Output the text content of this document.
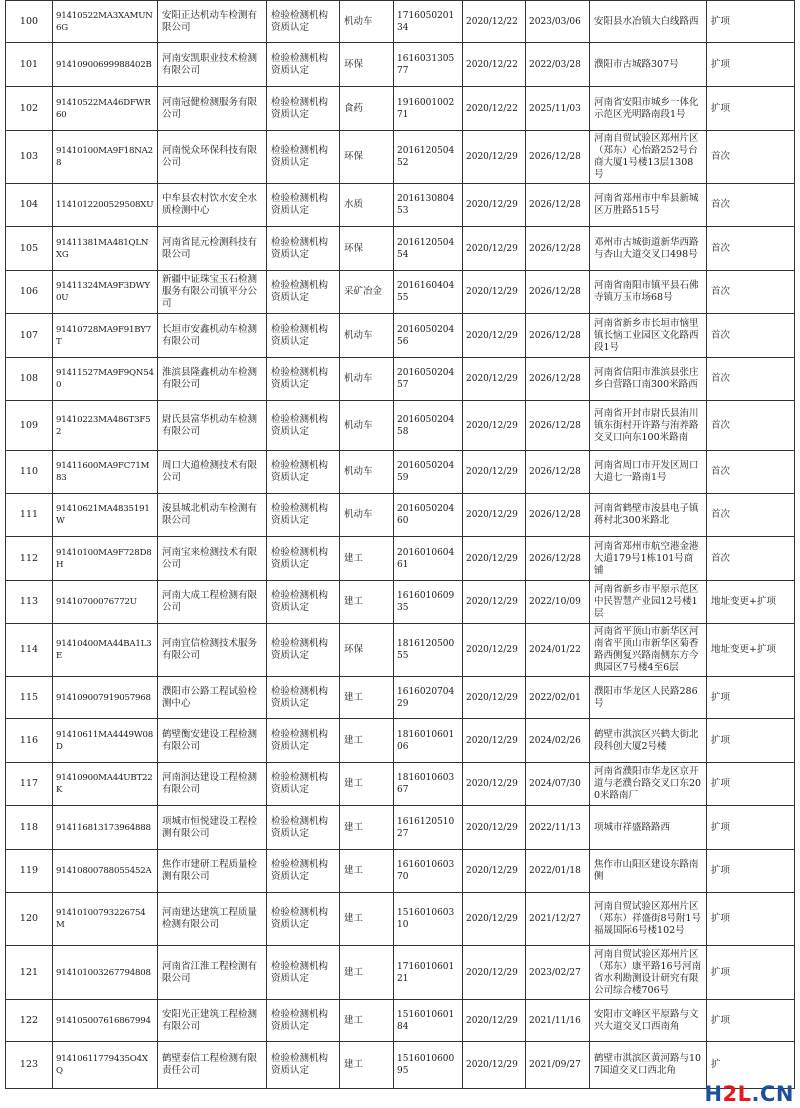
100	91410522MA3XAMUN6G	安阳正达机动车检测有限公司	检验检测机构资质认定	机动车	171605020134	2020/12/22	2023/03/06	安阳县水冶镇大白线路西	扩项
101	91410900699988402B	河南安凯职业技术检测有限公司	检验检测机构资质认定	环保	161603130577	2020/12/22	2022/03/28	濮阳市古城路307号	扩项
102	91410522MA46DFWR60	河南冠健检测服务有限公司	检验检测机构资质认定	食药	191600100271	2020/12/22	2025/11/03	河南省安阳市城乡一体化示范区光明路南段1号	扩项
103	91410100MA9F18NA28	河南悦众环保科技有限公司	检验检测机构资质认定	环保	201612050452	2020/12/29	2026/12/28	河南自贸试验区郑州片区（郑东）心怡路252号台商大厦1号楼13层1308号	首次
104	1141012200529508XU	中牟县农村饮水安全水质检测中心	检验检测机构资质认定	水质	201613080453	2020/12/29	2026/12/28	河南省郑州市中牟县新城区万胜路515号	首次
105	91411381MA481QLNXG	河南省昆元检测科技有限公司	检验检测机构资质认定	环保	201612050454	2020/12/29	2026/12/28	邓州市古城街道新华西路与杏山大道交叉口498号	首次
106	91411324MA9F3DWY0U	新疆中证珠宝玉石检测服务有限公司镇平分公司	检验检测机构资质认定	采矿冶金	201616040455	2020/12/29	2026/12/28	河南省南阳市镇平县石佛寺镇万玉市场68号	首次
107	91410728MA9F91BY7T	长垣市安鑫机动车检测有限公司	检验检测机构资质认定	机动车	201605020456	2020/12/29	2026/12/28	河南省新乡市长垣市恼里镇长恼工业园区文化路西段1号	首次
108	91411527MA9F9QN540	淮滨县隆鑫机动车检测有限公司	检验检测机构资质认定	机动车	201605020457	2020/12/29	2026/12/28	河南省信阳市淮滨县张庄乡白营路口南300米路西	首次
109	91410223MA486T3F52	尉氏县富华机动车检测有限公司	检验检测机构资质认定	机动车	201605020458	2020/12/29	2026/12/28	河南省开封市尉氏县洧川镇东街村开许路与洧养路交叉口向东100米路南	首次
110	91411600MA9FC71M83	周口大道检测技术有限公司	检验检测机构资质认定	机动车	201605020459	2020/12/29	2026/12/28	河南省周口市开发区周口大道七一路南1号	首次
111	91410621MA4835191W	浚县城北机动车检测有限公司	检验检测机构资质认定	机动车	201605020460	2020/12/29	2026/12/28	河南省鹤壁市浚县电子镇蒋村北300米路北	首次
112	91410100MA9F728D8H	河南宝来检测技术有限公司	检验检测机构资质认定	建工	201601060461	2020/12/29	2026/12/28	河南省郑州市航空港金港大道179号1栋101号商铺	首次
113	91410700076772U	河南大成工程检测有限公司	检验检测机构资质认定	建工	161601060935	2020/12/29	2022/10/09	河南省新乡市平原示范区中民智慧产业园12号楼1层	地址变更+扩项
114	91410400MA44BA1L3E	河南宜信检测技术服务有限公司	检验检测机构资质认定	环保	181612050055	2020/12/29	2024/01/22	河南省平顶山市新华区河南省平顶山市新华区菊香路西侧复兴路南侧东方今典园区7号楼4至6层	地址变更+扩项
115	914109007919057968	濮阳市公路工程试验检测中心	检验检测机构资质认定	建工	161602070429	2020/12/29	2022/02/01	濮阳市华龙区人民路286号	扩项
116	91410611MA4449W08D	鹤壁衡安建设工程检测有限公司	检验检测机构资质认定	建工	181601060106	2020/12/29	2024/02/26	鹤壁市淇滨区兴鹤大街北段科创大厦2号楼	扩项
117	91410900MA44UBT22K	河南润达建设工程检测有限公司	检验检测机构资质认定	建工	181601060367	2020/12/29	2024/07/30	河南省濮阳市华龙区京开道与老濮台路交叉口东200米路南厂	扩项
118	914116813173964888	项城市恒悦建设工程检测有限公司	检验检测机构资质认定	建工	161612051027	2020/12/29	2022/11/13	项城市祥盛路路西	扩项
119	91410800788055452A	焦作市建研工程质量检测有限公司	检验检测机构资质认定	建工	161601060370	2020/12/29	2022/01/18	焦作市山阳区建设东路南侧	扩项
120	91410100793226754M	河南建达建筑工程质量检测有限公司	检验检测机构资质认定	建工	151601060310	2020/12/29	2021/12/27	河南自贸试验区郑州片区（郑东）祥盛街8号附1号福晟国际6号楼102号	扩项
121	914101003267794808	河南省江淮工程检测有限公司	检验检测机构资质认定	建工	171601060121	2020/12/29	2023/02/27	河南自贸试验区郑州片区（郑东）康平路16号河南省水利勘测设计研究有限公司综合楼706号	扩项
122	914105007616867994	安阳光正建筑工程检测有限公司	检验检测机构资质认定	建工	151601060184	2020/12/29	2021/11/16	安阳市文峰区平原路与文兴大道交叉口西南角	扩项
123	91410611779435O4XQ	鹤壁泰信工程检测有限责任公司	检验检测机构资质认定	建工	151601060095	2020/12/29	2021/09/27	鹤壁市淇滨区黄河路与107国道交叉口西北角	扩
H2L.CN
